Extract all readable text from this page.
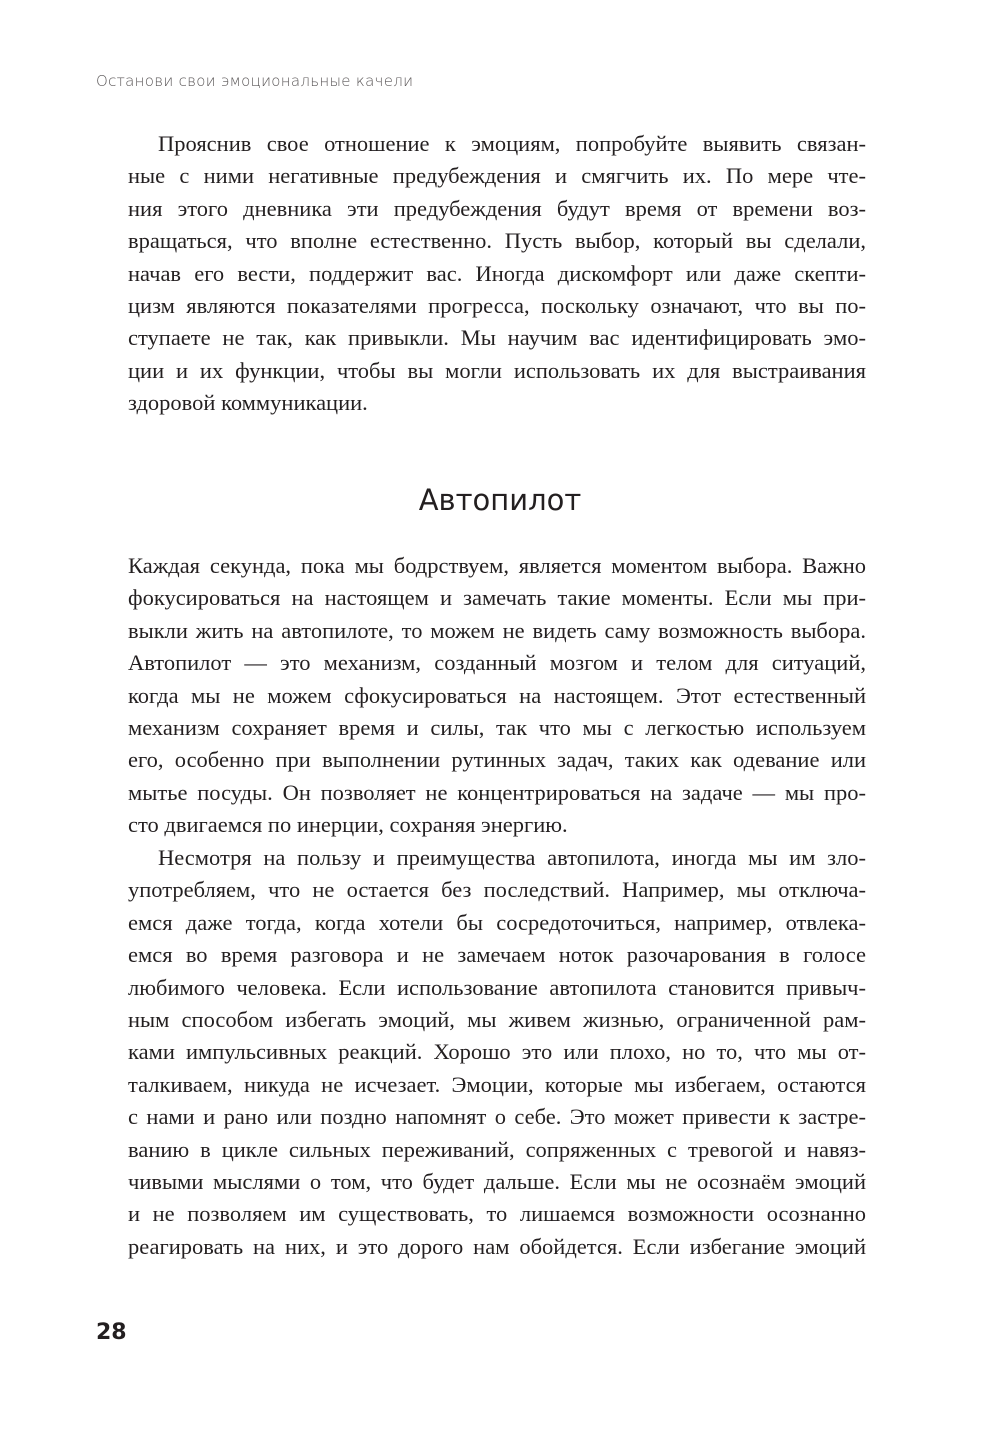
Останови свои эмоциональные качели
Прояснив свое отношение к эмоциям, попробуйте выявить связан-
ные с ними негативные предубеждения и смягчить их. По мере чте-
ния этого дневника эти предубеждения будут время от времени воз-
вращаться, что вполне естественно. Пусть выбор, который вы сделали,
начав его вести, поддержит вас. Иногда дискомфорт или даже скепти-
цизм являются показателями прогресса, поскольку означают, что вы по-
ступаете не так, как привыкли. Мы научим вас идентифицировать эмо-
ции и их функции, чтобы вы могли использовать их для выстраивания
здоровой коммуникации.
Автопилот
Каждая секунда, пока мы бодрствуем, является моментом выбора. Важно
фокусироваться на настоящем и замечать такие моменты. Если мы при-
выкли жить на автопилоте, то можем не видеть саму возможность выбора.
Автопилот — это механизм, созданный мозгом и телом для ситуаций,
когда мы не можем сфокусироваться на настоящем. Этот естественный
механизм сохраняет время и силы, так что мы с легкостью используем
его, особенно при выполнении рутинных задач, таких как одевание или
мытье посуды. Он позволяет не концентрироваться на задаче — мы про-
сто двигаемся по инерции, сохраняя энергию.
Несмотря на пользу и преимущества автопилота, иногда мы им зло-
употребляем, что не остается без последствий. Например, мы отключа-
емся даже тогда, когда хотели бы сосредоточиться, например, отвлека-
емся во время разговора и не замечаем ноток разочарования в голосе
любимого человека. Если использование автопилота становится привыч-
ным способом избегать эмоций, мы живем жизнью, ограниченной рам-
ками импульсивных реакций. Хорошо это или плохо, но то, что мы от-
талкиваем, никуда не исчезает. Эмоции, которые мы избегаем, остаются
с нами и рано или поздно напомнят о себе. Это может привести к застре-
ванию в цикле сильных переживаний, сопряженных с тревогой и навяз-
чивыми мыслями о том, что будет дальше. Если мы не осознаём эмоций
и не позволяем им существовать, то лишаемся возможности осознанно
реагировать на них, и это дорого нам обойдется. Если избегание эмоций
28
